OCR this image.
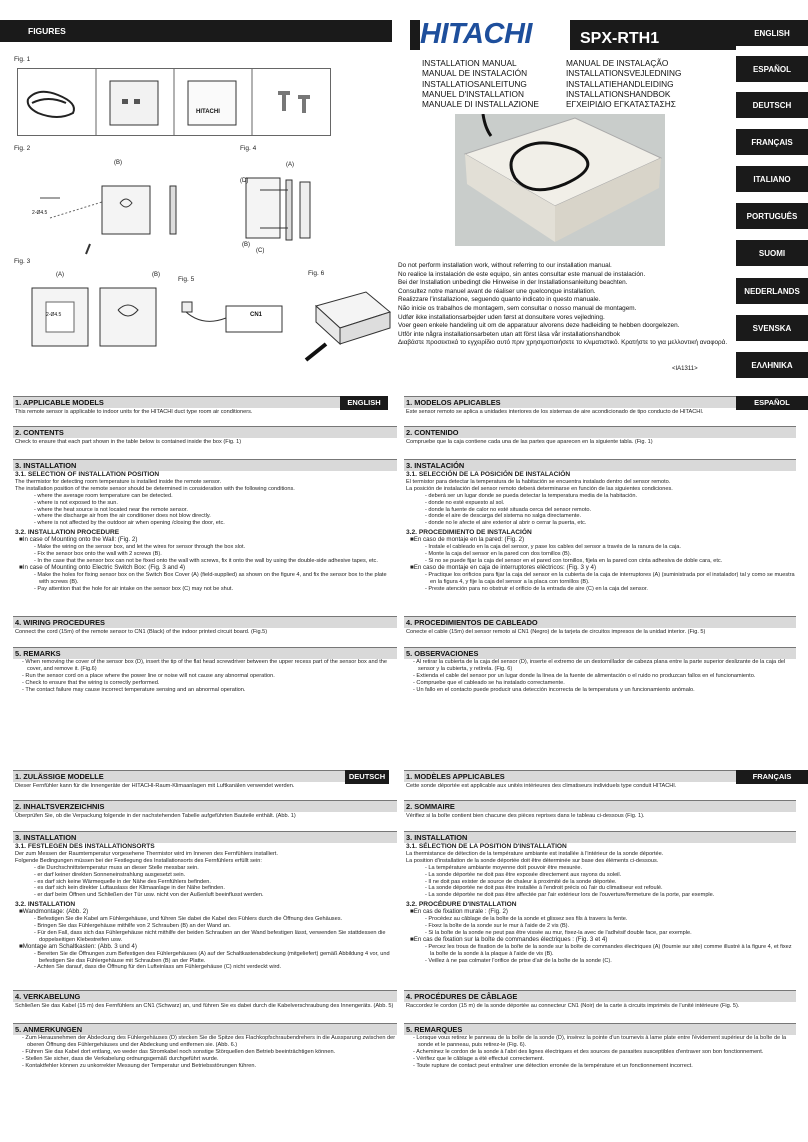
FIGURES
Fig. 1
HITACHI
Fig. 2
(B)
2-Ø4.5
Fig. 4
(A)
(D)
(B)
(C)
Fig. 3
(A)	(B)
2-Ø4.5
Fig. 5
CN1
Fig. 6
HITACHI	SPX-RTH1
INSTALLATION MANUAL
MANUAL DE INSTALACIÓN
INSTALLATIOSANLEITUNG
MANUEL D'INSTALLATION
MANUALE DI INSTALLAZIONE
MANUAL DE INSTALAÇÃO
INSTALLATIONSVEJLEDNING
INSTALLATIEHANDLEIDING
INSTALLATIONSHANDBOK
ΕΓΧΕΙΡΙΔΙΟ ΕΓΚΑΤΑΣΤΑΣΗΣ
Do not perform installation work, without referring to our installation manual.
No realice la instalación de este equipo, sin antes consultar este manual de instalación.
Bei der Installation unbedingt die Hinweise in der Installationsanleitung beachten.
Consultez notre manuel avant de réaliser une quelconque installation.
Realizzare l'installazione, seguendo quanto indicato in questo manuale.
Não inicie os trabalhos de montagem, sem consultar o nosso manual de montagem.
Udfør ikke installationsarbejder uden først at donsultere vores vejledning.
Voer geen enkele handeling uit om de apparatuur alvorens deze hadleiding te hebben doorgelezen.
Utför inte några installationsarbeten utan att först läsa vår installationshandbok
Διαβάστε προσεκτικά το εγχειρίδιο αυτό πριν χρησιμοποιήσετε το κλιματιστικό. Κρατήστε το για μελλοντική αναφορά.
<IA1311>
ENGLISH
ESPAÑOL
DEUTSCH
FRANÇAIS
ITALIANO
PORTUGUÊS
SUOMI
NEDERLANDS
SVENSKA
ΕΛΛΗΝΙΚΑ
ENGLISH	ESPAÑOL
1. APPLICABLE MODELS
This remote sensor is applicable to indoor units for the HITACHI duct type room air conditioners.
2. CONTENTS
Check to ensure that each part shown in the table below is contained inside the box (Fig. 1)
3. INSTALLATION
3.1. SELECTION OF INSTALLATION POSITION
The thermistor for detecting room temperature is installed inside the remote sensor.
The installation position of the remote sensor should be determined in consideration with the following conditions.
- where the average room temperature can be detected.
- where is not exposed to the sun.
- where the heat source is not located near the remote sensor.
- where the discharge air from the air conditioner does not blow directly.
- where is not affected by the outdoor air when opening /closing the door, etc.
3.2. INSTALLATION PROCEDURE
■In case of Mounting onto the Wall: (Fig. 2)
- Make the wiring on the sensor box, and let the wires for sensor through the box slot.
- Fix the sensor box onto the wall with 2 screws (B).
- In the case that the sensor box can not be fixed onto the wall with screws, fix it onto the wall by using the double-side adhesive tapes, etc.
■In case of Mounting onto Electric Switch Box: (Fig. 3 and 4)
- Make the holes for fixing sensor box on the Switch Box Cover (A) (field-supplied) as shown on the figure 4, and fix the sensor box to the plate with screws (B).
- Pay attention that the hole for air intake on the sensor box (C) may not be shut.
4. WIRING PROCEDURES
Connect the cord (15m) of the remote sensor to CN1 (Black) of the indoor printed circuit board. (Fig.5)
5. REMARKS
- When removing the cover of the sensor box (D), insert the tip of the flat head screwdriver between the upper recess part of the sensor box and the cover, and remove it. (Fig.6)
- Run the sensor cord on a place where the power line or noise will not cause any abnormal operation.
- Check to ensure that the wiring is correctly performed.
- The contact failure may cause incorrect temperature sensing and an abnormal operation.
1. MODELOS APLICABLES
Este sensor remoto se aplica a unidades interiores de los sistemas de aire acondicionado de tipo conducto de HITACHI.
2. CONTENIDO
Compruebe que la caja contiene cada una de las partes que aparecen en la siguiente tabla. (Fig. 1)
3. INSTALACIÓN
3.1. SELECCIÓN DE LA POSICIÓN DE INSTALACIÓN
El termistor para detectar la temperatura de la habitación se encuentra instalado dentro del sensor remoto.
La posición de instalación del sensor remoto deberá determinarse en función de las siguientes condiciones.
- deberá ser un lugar donde se pueda detectar la temperatura media de la habitación.
- donde no esté expuesto al sol.
- donde la fuente de calor no esté situada cerca del sensor remoto.
- donde el aire de descarga del sistema no salga directamente.
- donde no le afecte el aire exterior al abrir o cerrar la puerta, etc.
3.2. PROCEDIMIENTO DE INSTALACIÓN
■En caso de montaje en la pared: (Fig. 2)
- Instale el cableado en la caja del sensor, y pase los cables del sensor a través de la ranura de la caja.
- Monte la caja del sensor en la pared con dos tornillos (B).
- Si no se puede fijar la caja del sensor en el pared con tornillos, fíjela en la pared con cinta adhesiva de doble cara, etc.
■En caso de montaje en caja de interruptores eléctricos: (Fig. 3 y 4)
- Practique los orificios para fijar la caja del sensor en la cubierta de la caja de interruptores (A) (suministrada por el instalador) tal y como se muestra en la figura 4, y fije la caja del sensor a la placa con tornillos (B).
- Preste atención para no obstruir el orificio de la entrada de aire (C) en la caja del sensor.
4. PROCEDIMIENTOS DE CABLEADO
Conecte el cable (15m) del sensor remoto al CN1 (Negro) de la tarjeta de circuitos impresos de la unidad interior. (Fig. 5)
5. OBSERVACIONES
- Al retirar la cubierta de la caja del sensor (D), inserte el extremo de un destornillador de cabeza plana entre la parte superior deslizante de la caja del sensor y la cubierta, y retírela. (Fig. 6)
- Extienda el cable del sensor por un lugar donde la línea de la fuente de alimentación o el ruido no produzcan fallos en el funcionamiento.
- Compruebe que el cableado se ha instalado correctamente.
- Un fallo en el contacto puede producir una detección incorrecta de la temperatura y un funcionamiento anómalo.
DEUTSCH	FRANÇAIS
1. ZULÄSSIGE MODELLE
Dieser Fernfühler kann für die Innengeräte der HITACHI-Raum-Klimaanlagen mit Luftkanälen verwendet werden.
2. INHALTSVERZEICHNIS
Überprüfen Sie, ob die Verpackung folgende in der nachstehenden Tabelle aufgeführten Bauteile enthält. (Abb. 1)
3. INSTALLATION
3.1. FESTLEGEN DES INSTALLATIONSORTS
Der zum Messen der Raumtemperatur vorgesehene Thermistor wird im Inneren des Fernfühlers installiert.
Folgende Bedingungen müssen bei der Festlegung des Installationsorts des Fernfühlers erfüllt sein:
- die Durchschnittstemperatur muss an dieser Stelle messbar sein.
- er darf keiner direkten Sonneneinstrahlung ausgesetzt sein.
- es darf sich keine Wärmequelle in der Nähe des Fernfühlers befinden.
- es darf sich kein direkter Luftauslass der Klimaanlage in der Nähe befinden.
- er darf beim Öffnen und Schließen der Tür usw. nicht von der Außenluft beeinflusst werden.
3.2. INSTALLATION
■Wandmontage: (Abb. 2)
- Befestigen Sie die Kabel am Fühlergehäuse, und führen Sie dabei die Kabel des Fühlers durch die Öffnung des Gehäuses.
- Bringen Sie das Fühlergehäuse mithilfe von 2 Schrauben (B) an der Wand an.
- Für den Fall, dass sich das Fühlergehäuse nicht mithilfe der beiden Schrauben an der Wand befestigen lässt, verwenden Sie stattdessen die doppelseitigen Klebestreifen usw.
■Montage am Schaltkasten: (Abb. 3 und 4)
- Bereiten Sie die Öffnungen zum Befestigen des Fühlergehäuses (A) auf der Schaltkastenabdeckung (mitgeliefert) gemäß Abbildung 4 vor, und befestigen Sie das Fühlergehäuse mit Schrauben (B) an der Platte.
- Achten Sie darauf, dass die Öffnung für den Lufteinlass am Fühlergehäuse (C) nicht verdeckt wird.
4. VERKABELUNG
Schließen Sie das Kabel (15 m) des Fernfühlers an CN1 (Schwarz) an, und führen Sie es dabei durch die Kabelverschraubung des Innengeräts. (Abb. 5)
5. ANMERKUNGEN
- Zum Herausnehmen der Abdeckung des Fühlergehäuses (D) stecken Sie die Spitze des Flachkopfschraubendrehers in die Aussparung zwischen der oberen Öffnung des Fühlergehäuses und der Abdeckung und entfernen sie. (Abb. 6.)
- Führen Sie das Kabel dort entlang, wo weder das Stromkabel noch sonstige Störquellen den Betrieb beeinträchtigen können.
- Stellen Sie sicher, dass die Verkabelung ordnungsgemäß durchgeführt wurde.
- Kontaktfehler können zu unkorrekter Messung der Temperatur und Betriebsstörungen führen.
1. MODÈLES APPLICABLES
Cette sonde déportée est applicable aux unités intérieures des climatiseurs individuels type conduit HITACHI.
2. SOMMAIRE
Vérifiez si la boîte contient bien chacune des pièces reprises dans le tableau ci-dessous (Fig. 1).
3. INSTALLATION
3.1. SÉLECTION DE LA POSITION D'INSTALLATION
La thermistance de détection de la température ambiante est installée à l'intérieur de la sonde déportée.
La position d'installation de la sonde déportée doit être déterminée sur base des éléments ci-dessous.
- La température ambiante moyenne doit pouvoir être mesurée.
- La sonde déportée ne doit pas être exposée directement aux rayons du soleil.
- Il ne doit pas exister de source de chaleur à proximité de la sonde déportée.
- La sonde déportée ne doit pas être installée à l'endroit précis où l'air du climatiseur est refoulé.
- La sonde déportée ne doit pas être affectée par l'air extérieur lors de l'ouverture/fermeture de la porte, par exemple.
3.2. PROCÉDURE D'INSTALLATION
■En cas de fixation murale : (Fig. 2)
- Procédez au câblage de la boîte de la sonde et glissez ses fils à travers la fente.
- Fixez la boîte de la sonde sur le mur à l'aide de 2 vis (B).
- Si la boîte de la sonde ne peut pas être vissée au mur, fixez-la avec de l'adhésif double face, par exemple.
■En cas de fixation sur la boîte de commandes électriques : (Fig. 3 et 4)
- Percez les trous de fixation de la boîte de la sonde sur la boîte de commandes électriques (A) (fournie sur site) comme illustré à la figure 4, et fixez la boîte de la sonde à la plaque à l'aide de vis (B).
- Veillez à ne pas colmater l'orifice de prise d'air de la boîte de la sonde (C).
4. PROCÉDURES DE CÂBLAGE
Raccordez le cordon (15 m) de la sonde déportée au connecteur CN1 (Noir) de la carte à circuits imprimés de l'unité intérieure (Fig. 5).
5. REMARQUES
- Lorsque vous retirez le panneau de la boîte de la sonde (D), insérez la pointe d'un tournevis à lame plate entre l'évidement supérieur de la boîte de la sonde et le panneau, puis retirez-le (Fig. 6).
- Acheminez le cordon de la sonde à l'abri des lignes électriques et des sources de parasites susceptibles d'entraver son bon fonctionnement.
- Vérifiez que le câblage a été effectué correctement.
- Toute rupture de contact peut entraîner une détection erronée de la température et un fonctionnement incorrect.
